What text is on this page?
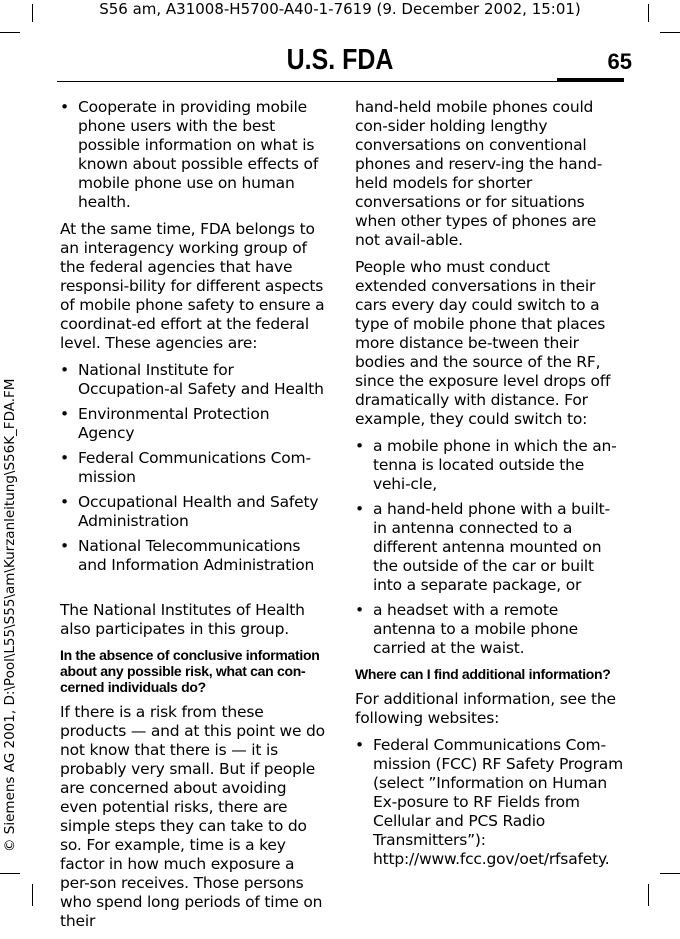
S56 am, A31008-H5700-A40-1-7619 (9. December 2002, 15:01)
U.S. FDA	65
© Siemens AG 2001, D:\Pool\L55\S55\am\Kurzanleitung\S56K_FDA.FM
• Cooperate in providing mobile phone users with the best possible information on what is known about possible effects of mobile phone use on human health.

At the same time, FDA belongs to an interagency working group of the federal agencies that have responsi-bility for different aspects of mobile phone safety to ensure a coordinat-ed effort at the federal level. These agencies are:

• National Institute for Occupation-al Safety and Health
• Environmental Protection Agency
• Federal Communications Com-mission
• Occupational Health and Safety Administration
• National Telecommunications and Information Administration

The National Institutes of Health also participates in this group.

In the absence of conclusive information about any possible risk, what can con-cerned individuals do?

If there is a risk from these products — and at this point we do not know that there is — it is probably very small. But if people are concerned about avoiding even potential risks, there are simple steps they can take to do so. For example, time is a key factor in how much exposure a per-son receives. Those persons who spend long periods of time on their

hand-held mobile phones could con-sider holding lengthy conversations on conventional phones and reserv-ing the hand-held models for shorter conversations or for situations when other types of phones are not avail-able.

People who must conduct extended conversations in their cars every day could switch to a type of mobile phone that places more distance be-tween their bodies and the source of the RF, since the exposure level drops off dramatically with distance. For example, they could switch to:

• a mobile phone in which the an-tenna is located outside the vehi-cle,
• a hand-held phone with a built-in antenna connected to a different antenna mounted on the outside of the car or built into a separate package, or
• a headset with a remote antenna to a mobile phone carried at the waist.
Where can I find additional information?

For additional information, see the following websites:

• Federal Communications Com-mission (FCC) RF Safety Program (select ”Information on Human Ex-posure to RF Fields from Cellular and PCS Radio Transmitters”): http://www.fcc.gov/oet/rfsafety.
